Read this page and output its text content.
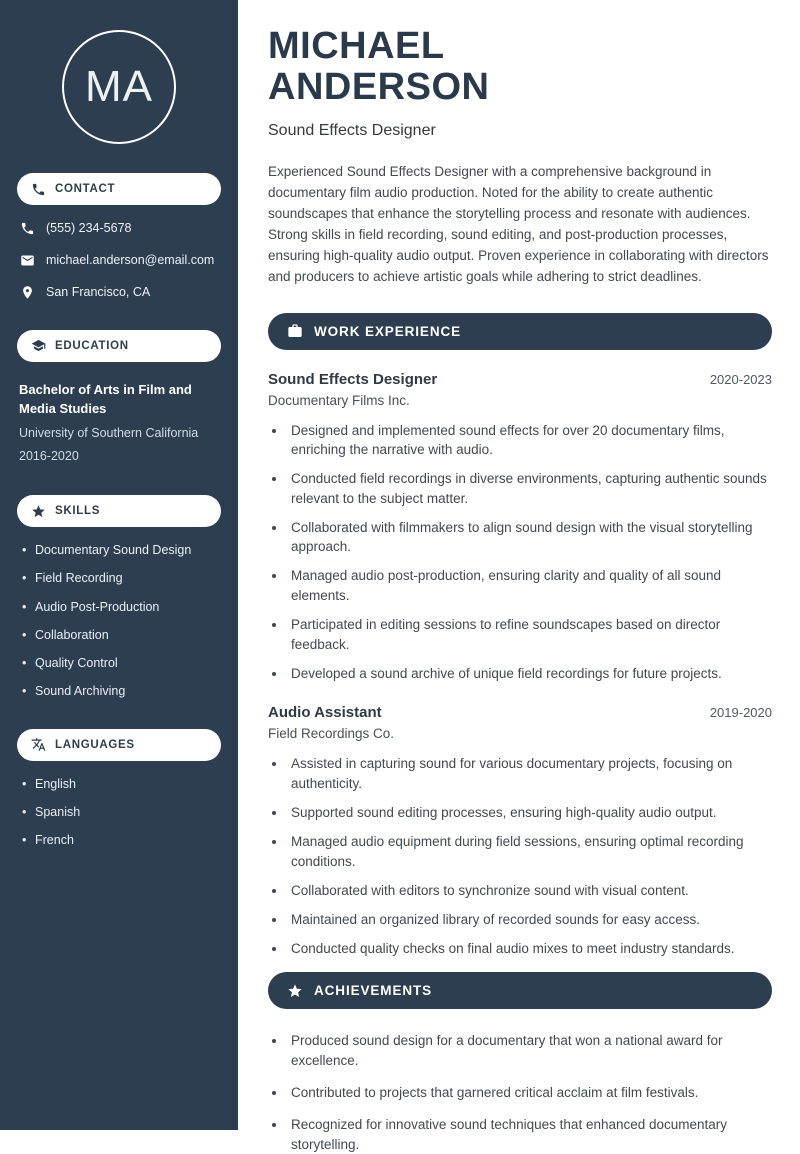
MA
CONTACT
(555) 234-5678
michael.anderson@email.com
San Francisco, CA
EDUCATION
Bachelor of Arts in Film and Media Studies
University of Southern California
2016-2020
SKILLS
• Documentary Sound Design
• Field Recording
• Audio Post-Production
• Collaboration
• Quality Control
• Sound Archiving
LANGUAGES
• English
• Spanish
• French
MICHAEL
ANDERSON
Sound Effects Designer

Experienced Sound Effects Designer with a comprehensive background in documentary film audio production. Noted for the ability to create authentic soundscapes that enhance the storytelling process and resonate with audiences. Strong skills in field recording, sound editing, and post-production processes, ensuring high-quality audio output. Proven experience in collaborating with directors and producers to achieve artistic goals while adhering to strict deadlines.

WORK EXPERIENCE
Sound Effects Designer	2020-2023
Documentary Films Inc.
• Designed and implemented sound effects for over 20 documentary films, enriching the narrative with audio.
• Conducted field recordings in diverse environments, capturing authentic sounds relevant to the subject matter.
• Collaborated with filmmakers to align sound design with the visual storytelling approach.
• Managed audio post-production, ensuring clarity and quality of all sound elements.
• Participated in editing sessions to refine soundscapes based on director feedback.
• Developed a sound archive of unique field recordings for future projects.
Audio Assistant	2019-2020
Field Recordings Co.
• Assisted in capturing sound for various documentary projects, focusing on authenticity.
• Supported sound editing processes, ensuring high-quality audio output.
• Managed audio equipment during field sessions, ensuring optimal recording conditions.
• Collaborated with editors to synchronize sound with visual content.
• Maintained an organized library of recorded sounds for easy access.
• Conducted quality checks on final audio mixes to meet industry standards.
ACHIEVEMENTS
• Produced sound design for a documentary that won a national award for excellence.
• Contributed to projects that garnered critical acclaim at film festivals.
• Recognized for innovative sound techniques that enhanced documentary storytelling.
